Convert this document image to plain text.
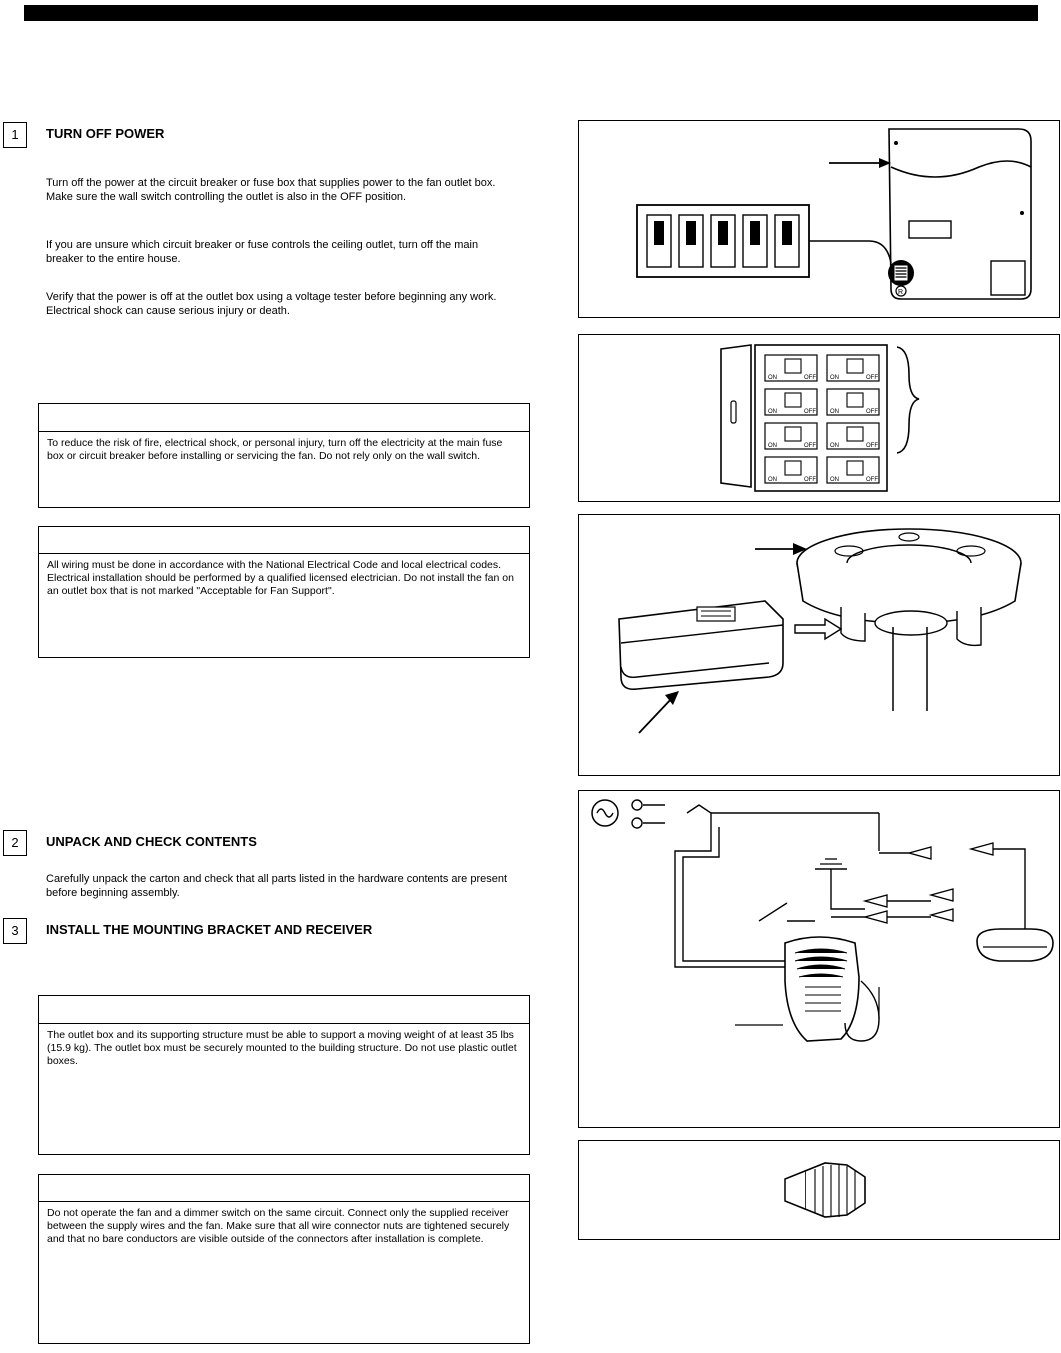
1	TURN OFF POWER
Turn off the power at the circuit breaker or fuse box that supplies power to the fan outlet box. Make sure the wall switch controlling the outlet is also in the OFF position.
If you are unsure which circuit breaker or fuse controls the ceiling outlet, turn off the main breaker to the entire house.
Verify that the power is off at the outlet box using a voltage tester before beginning any work. Electrical shock can cause serious injury or death.
To reduce the risk of fire, electrical shock, or personal injury, turn off the electricity at the main fuse box or circuit breaker before installing or servicing the fan. Do not rely only on the wall switch.
All wiring must be done in accordance with the National Electrical Code and local electrical codes. Electrical installation should be performed by a qualified licensed electrician. Do not install the fan on an outlet box that is not marked "Acceptable for Fan Support".
2	UNPACK AND CHECK CONTENTS
Carefully unpack the carton and check that all parts listed in the hardware contents are present before beginning assembly.
3	INSTALL THE MOUNTING BRACKET AND RECEIVER
The outlet box and its supporting structure must be able to support a moving weight of at least 35 lbs (15.9 kg). The outlet box must be securely mounted to the building structure. Do not use plastic outlet boxes.
Do not operate the fan and a dimmer switch on the same circuit. Connect only the supplied receiver between the supply wires and the fan. Make sure that all wire connector nuts are tightened securely and that no bare conductors are visible outside of the connectors after installation is complete.
R
ON	OFF ON	OFF
ON	OFF ON	OFF
ON	OFF ON	OFF
ON	OFF ON	OFF
